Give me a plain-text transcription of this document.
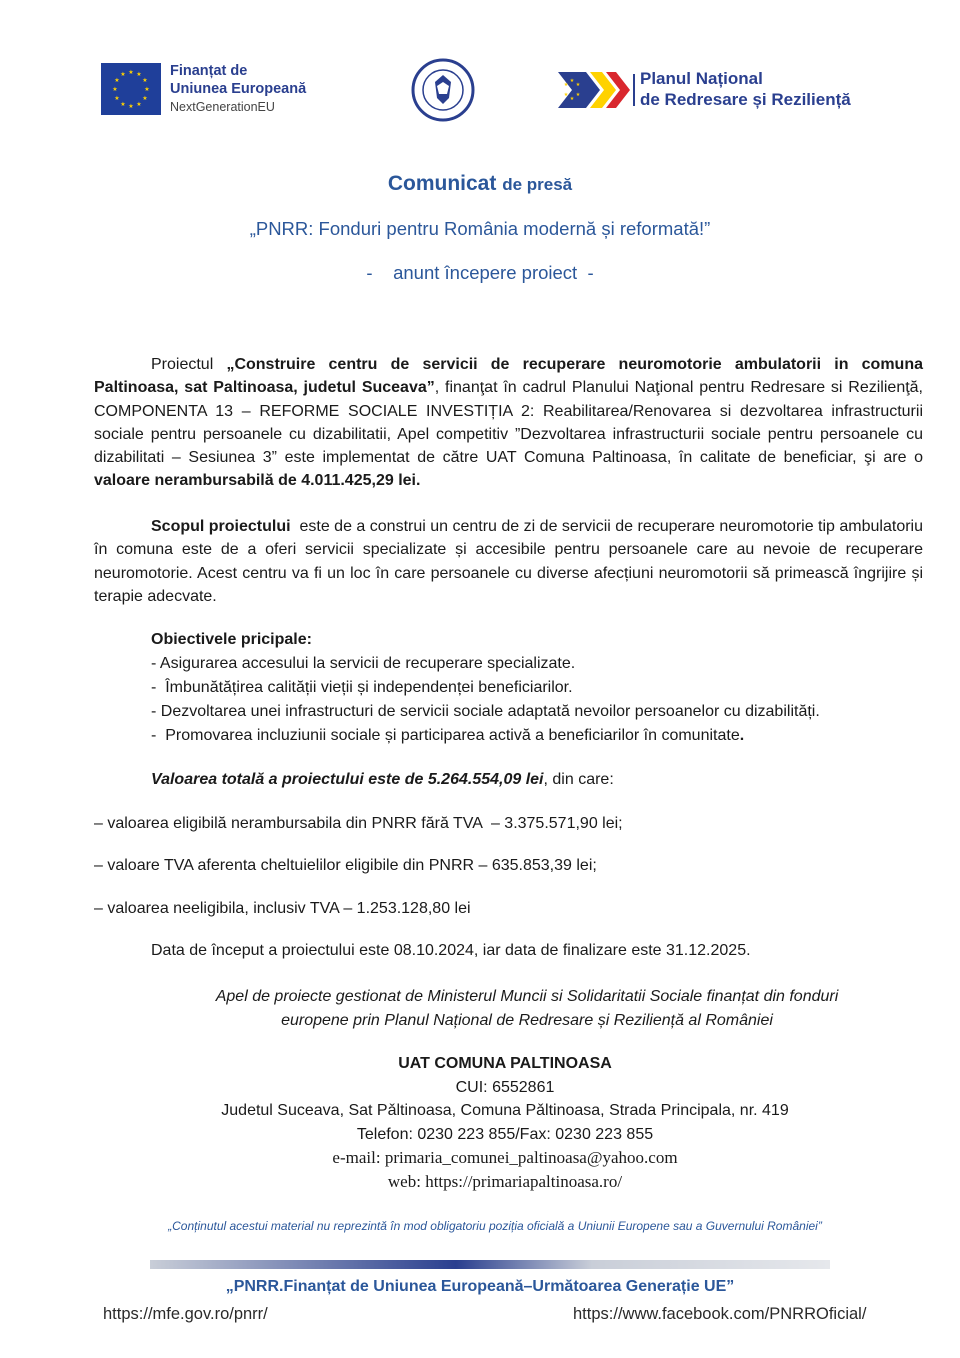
★ ★
★
★
★
★
★
★
★
★
★
★	Finanțat de
Uniunea Europeană
NextGenerationEU
★
★
★
★
★
★	Planul Național
de Redresare și Reziliență
Comunicat de presă
„PNRR: Fonduri pentru România modernă și reformată!”
-    anunt începere proiect  -
Proiectul „Construire centru de servicii de recuperare neuromotorie ambulatorii in comuna Paltinoasa, sat Paltinoasa, judetul Suceava”, finanţat în cadrul Planului Naţional pentru Redresare si Rezilienţă, COMPONENTA 13 – REFORME SOCIALE INVESTIȚIA 2: Reabilitarea/Renovarea si dezvoltarea infrastructurii sociale pentru persoanele cu dizabilitatii, Apel competitiv ”Dezvoltarea infrastructurii sociale pentru persoanele cu dizabilitati – Sesiunea 3” este implementat de către UAT Comuna Paltinoasa, în calitate de beneficiar, şi are o valoare nerambursabilă de 4.011.425,29 lei.
Scopul proiectului  este de a construi un centru de zi de servicii de recuperare neuromotorie tip ambulatoriu în comuna este de a oferi servicii specializate și accesibile pentru persoanele care au nevoie de recuperare neuromotorie. Acest centru va fi un loc în care persoanele cu diverse afecțiuni neuromotorii să primească îngrijire și terapie adecvate.
Obiectivele pricipale:
- Asigurarea accesului la servicii de recuperare specializate.
-  Îmbunătățirea calității vieții și independenței beneficiarilor.
- Dezvoltarea unei infrastructuri de servicii sociale adaptată nevoilor persoanelor cu dizabilități.
-  Promovarea incluziunii sociale și participarea activă a beneficiarilor în comunitate.
Valoarea totală a proiectului este de 5.264.554,09 lei, din care:
– valoarea eligibilă nerambursabila din PNRR fără TVA  – 3.375.571,90 lei;
– valoare TVA aferenta cheltuielilor eligibile din PNRR – 635.853,39 lei;
– valoarea neeligibila, inclusiv TVA – 1.253.128,80 lei
Data de început a proiectului este 08.10.2024, iar data de finalizare este 31.12.2025.
Apel de proiecte gestionat de Ministerul Muncii si Solidaritatii Sociale finanțat din fonduri
europene prin Planul Național de Redresare și Reziliență al României
UAT COMUNA PALTINOASA
CUI: 6552861
Judetul Suceava, Sat Pǎltinoasa, Comuna Pǎltinoasa, Strada Principala, nr. 419
Telefon: 0230 223 855/Fax: 0230 223 855
e-mail: primaria_comunei_paltinoasa@yahoo.com
web: https://primariapaltinoasa.ro/
„Conținutul acestui material nu reprezintă în mod obligatoriu poziția oficială a Uniunii Europene sau a Guvernului României”
„PNRR.Finanțat de Uniunea Europeană–Următoarea Generație UE”
https://mfe.gov.ro/pnrr/	https://www.facebook.com/PNRROficial/
